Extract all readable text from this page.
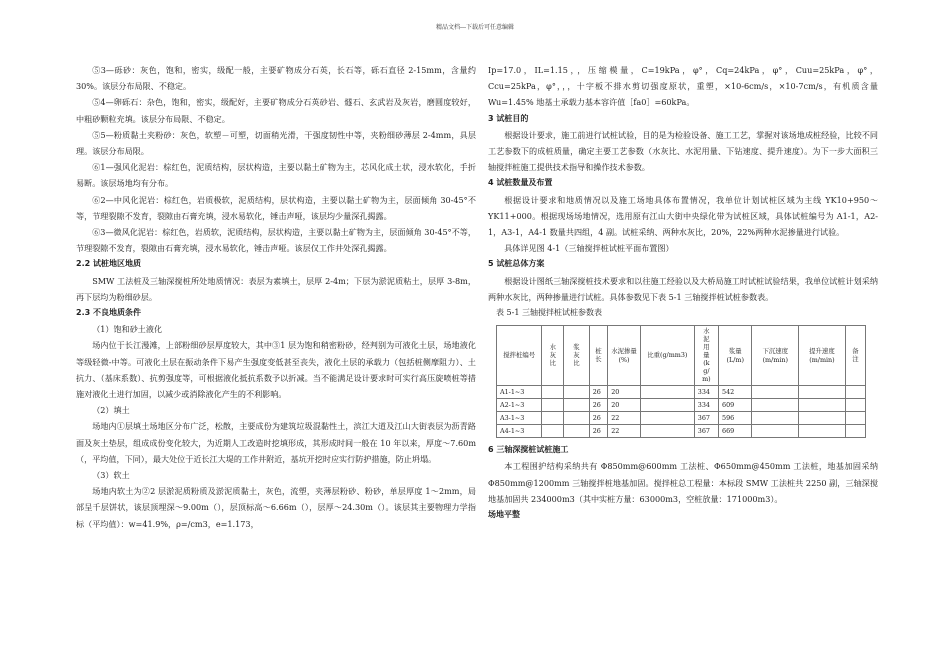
精品文档---下载后可任意编辑

⑤3—砾砂：灰色，饱和，密实，级配一般，主要矿物成分石英，长石等，砾石直径 2-15mm，含量约 30%。该层分布局限、不稳定。

⑤4—卵砾石：杂色，饱和，密实，级配好，主要矿物成分石英砂岩、燧石、玄武岩及灰岩，磨圆度较好，中粗砂颗粒充填。该层分布局限、不稳定。

⑤5—粉质黏土夹粉砂：灰色，软塑－可塑，切面稍光滑，干强度韧性中等，夹粉细砂薄层 2-4mm，具层理。该层分布局限。

⑥1—强风化泥岩：棕红色，泥质结构，层状构造，主要以黏土矿物为主，芯风化成土状，浸水软化，手折易断。该层场地均有分布。

⑥2—中风化泥岩：棕红色，岩质极软，泥质结构，层状构造，主要以黏土矿物为主，层面倾角 30-45°不等，节理裂隙不发育，裂隙由石膏充填，浸水易软化，锤击声哑，该层均少量深孔揭露。

⑥3—微风化泥岩：棕红色，岩质软，泥质结构，层状构造，主要以黏土矿物为主，层面倾角 30-45°不等，节理裂隙不发育，裂隙由石膏充填，浸水易软化，锤击声哑。该层仅工作井处深孔揭露。

2.2 试桩地区地质

SMW 工法桩及三轴深搅桩所处地质情况：表层为素填土，层厚 2-4m；下层为淤泥质粘土，层厚 3-8m，再下层均为粉细砂层。

2.3 不良地质条件

（1）饱和砂土液化

场内位于长江漫滩，上部粉细砂层厚度较大，其中③1 层为饱和稍密粉砂，经判别为可液化土层，场地液化等级轻微-中等。可液化土层在振动条件下易产生强度变低甚至丧失，液化土层的承载力（包括桩侧摩阻力）、土抗力、（基床系数）、抗剪强度等，可根据液化抵抗系数予以折减。当不能满足设计要求时可实行高压旋喷桩等措施对液化土进行加固，以减少或消除液化产生的不利影响。

（2）填土

场地内①层填土场地区分布广泛，松散，主要成份为建筑垃圾混黏性土，滨江大道及江山大街表层为沥青路面及灰土垫层，组成成份变化较大，为近期人工改造时挖填形成，其形成时间一般在 10 年以来，厚度～7.60m（，平均值，下同），最大处位于近长江大堤的工作井附近，基坑开挖时应实行防护措施，防止坍塌。

（3）软土

场地内软土为②2 层淤泥质粉质及淤泥质黏土，灰色，流塑，夹薄层粉砂、粉砂，单层厚度 1～2mm，局部呈千层饼状，该层顶埋深～9.00m（），层顶标高～6.66m（），层厚～24.30m（）。该层其主要物理力学指标（平均值）：w=41.9%，ρ=/cm3，e=1.173，

Ip=17.0，IL=1.15，，压缩模量，C=19kPa，φ°，Cq=24kPa，φ°，Cuu=25kPa，φ°，Ccu=25kPa，φ°，，，十字板不排水剪切强度原状，重塑，×10-6cm/s，×10-7cm/s，有机质含量 Wu=1.45% 地基土承载力基本容许值［fa0］=60kPa。

3 试桩目的

根据设计要求，施工前进行试桩试验，目的是为检验设备、施工工艺，掌握对该场地成桩经验，比较不同工艺参数下的成桩质量，确定主要工艺参数（水灰比、水泥用量、下钻速度、提升速度）。为下一步大面积三轴搅拌桩施工提供技术指导和操作技术参数。

4 试桩数量及布置

根据设计要求和地质情况以及施工场地具体布置情况，我单位计划试桩区域为主线 YK10+950～YK11+000。根据现场场地情况，选用原有江山大街中央绿化带为试桩区域，具体试桩编号为 A1-1，A2-1，A3-1，A4-1 数量共四组，4 副。试桩采纳、两种水灰比，20%，22%两种水泥掺量进行试验。

具体详见图 4-1（三轴搅拌桩试桩平面布置图）

5 试桩总体方案

根据设计图纸三轴深搅桩技术要求和以往施工经验以及大桥局施工时试桩试验结果，我单位试桩计划采纳两种水灰比，两种掺量进行试桩。具体参数见下表 5-1 三轴搅拌桩试桩参数表。

表 5-1 三轴搅拌桩试桩参数表

搅拌桩编号	水灰比	浆灰比	桩长	水泥掺量(%)	比重(g/mm3)	水泥用量(kg/m)	浆量(L/m)	下沉速度(m/min)	提升速度(m/min)	备注
A1-1~3			26	20		334	542			
A2-1~3			26	20		334	609			
A3-1~3			26	22		367	596			
A4-1~3			26	22		367	669			

6 三轴深搅桩试桩施工

本工程围护结构采纳共有 Φ850mm@600mm 工法桩、Φ650mm@450mm 工法桩，地基加固采纳 Φ850mm@1200mm 三轴搅拌桩地基加固。搅拌桩总工程量：本标段 SMW 工法桩共 2250 副，三轴深搅地基加固共 234000m3（其中实桩方量：63000m3，空桩放量：171000m3）。

场地平整
